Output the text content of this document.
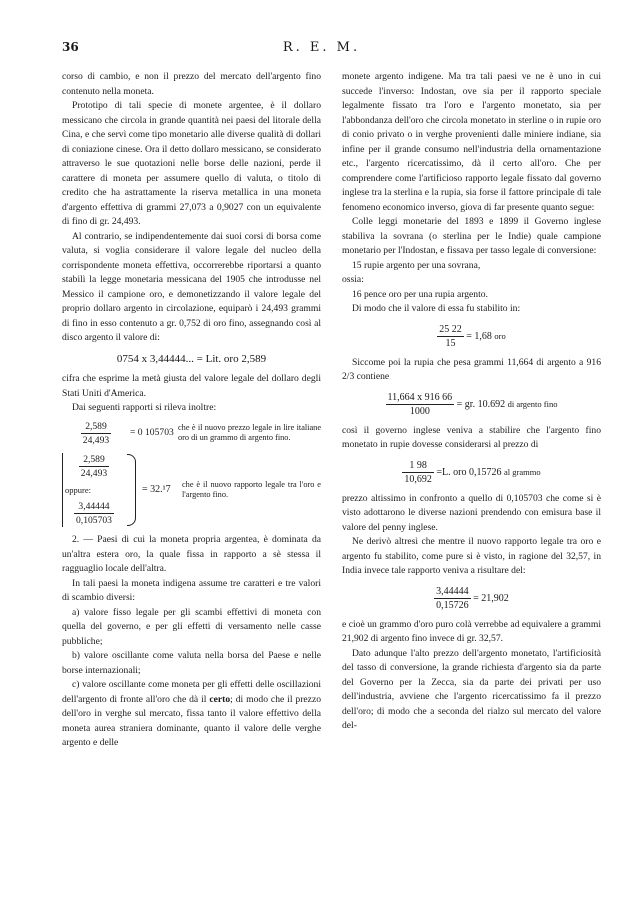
36	R. E. M.

corso di cambio, e non il prezzo del mercato dell'argento fino contenuto nella moneta.

Prototipo di tali specie di monete argentee, è il dollaro messicano che circola in grande quantità nei paesi del litorale della Cina, e che servì come tipo monetario alle diverse qualità di dollari di coniazione cinese. Ora il detto dollaro messicano, se considerato attraverso le sue quotazioni nelle borse delle nazioni, perde il carattere di moneta per assumere quello di valuta, o titolo di credito che ha astrattamente la riserva metallica in una moneta d'argento effettiva di grammi 27,073 a 0,9027 con un equivalente di fino di gr. 24,493.

Al contrario, se indipendentemente dai suoi corsi di borsa come valuta, si voglia considerare il valore legale del nucleo della corrispondente moneta effettiva, occorrerebbe riportarsi a quanto stabilì la legge monetaria messicana del 1905 che introdusse nel Messico il campione oro, e demonetizzando il valore legale del proprio dollaro argento in circolazione, equiparò i 24,493 grammi di fino in esso contenuto a gr. 0,752 di oro fino, assegnando così al disco argento il valore di:

0754 x 3,44444... = Lit. oro 2,589

cifra che esprime la metà giusta del valore legale del dollaro degli Stati Uniti d'America.

Dai seguenti rapporti si rileva inoltre:

$\frac{2,589}{24,493} = 0$ 105703 che è il nuovo prezzo legale in lire italiane oro di un grammo di argento fino.
$\frac{2,589}{24,493}$
oppure:
$\frac{3,44444}{0,105703}$
= 32.¹7	che è il nuovo rapporto legale tra l'oro e l'argento fino.

2. — Paesi di cui la moneta propria argentea, è dominata da un'altra estera oro, la quale fissa in rapporto a sè stessa il ragguaglio locale dell'altra.

In tali paesi la moneta indigena assume tre caratteri e tre valori di scambio diversi:

a) valore fisso legale per gli scambi effettivi di moneta con quella del governo, e per gli effetti di versamento nelle casse pubbliche;

b) valore oscillante come valuta nella borsa del Paese e nelle borse internazionali;

c) valore oscillante come moneta per gli effetti delle oscillazioni dell'argento di fronte all'oro che dà il certo; di modo che il prezzo dell'oro in verghe sul mercato, fissa tanto il valore effettivo della moneta aurea straniera dominante, quanto il valore delle verghe argento e delle

monete argento indigene. Ma tra tali paesi ve ne è uno in cui succede l'inverso: Indostan, ove sia per il rapporto speciale legalmente fissato tra l'oro e l'argento monetato, sia per l'abbondanza dell'oro che circola monetato in sterline o in rupie oro di conio privato o in verghe provenienti dalle miniere indiane, sia infine per il grande consumo nell'industria della ornamentazione etc., l'argento ricercatissimo, dà il certo all'oro. Che per comprendere come l'artificioso rapporto legale fissato dal governo inglese tra la sterlina e la rupia, sia forse il fattore principale di tale fenomeno economico inverso, giova di far presente quanto segue:

Colle leggi monetarie del 1893 e 1899 il Governo inglese stabiliva la sovrana (o sterlina per le Indie) quale campione monetario per l'Indostan, e fissava per tasso legale di conversione:

15 rupie argento per una sovrana,

ossia:

16 pence oro per una rupia argento.

Di modo che il valore di essa fu stabilito in:

$\frac{25 22}{15} = 1,68$ oro

Siccome poi la rupia che pesa grammi 11,664 di argento a 916 2/3 contiene

$\frac{11,664 x 916 66}{1000}$ = gr. 10.692 di argento fino

così il governo inglese veniva a stabilire che l'argento fino monetato in rupie dovesse considerarsi al prezzo di

$\frac{1 98}{10,692} =L$. oro 0,15726 al grammo

prezzo altissimo in confronto a quello di 0,105703 che come si è visto adottarono le diverse nazioni prendendo con emisura base il valore del penny inglese.

Ne derivò altresì che mentre il nuovo rapporto legale tra oro e argento fu stabilito, come pure si è visto, in ragione del 32,57, in India invece tale rapporto veniva a risultare del:

$\frac{3,44444}{0,15726} = 21,902$

e cioè un grammo d'oro puro colà verrebbe ad equivalere a grammi 21,902 di argento fino invece di gr. 32,57.

Dato adunque l'alto prezzo dell'argento monetato, l'artificiosità del tasso di conversione, la grande richiesta d'argento sia da parte del Governo per la Zecca, sia da parte dei privati per uso dell'industria, avviene che l'argento ricercatissimo fa il prezzo dell'oro; di modo che a seconda del rialzo sul mercato del valore del-
